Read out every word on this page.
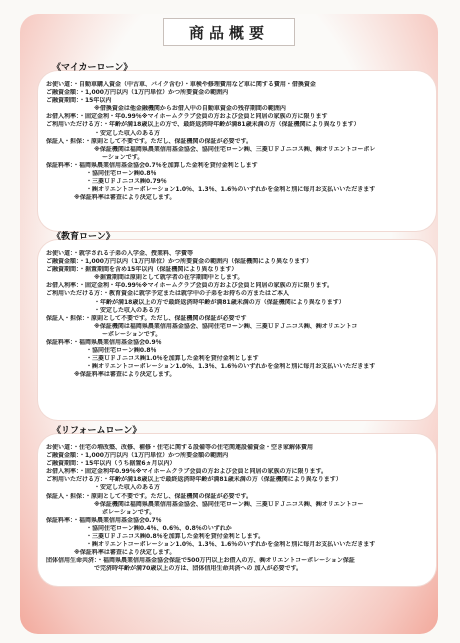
商品概要
《マイカーローン》
お使い道：・自動車購入資金（中古車、バイク含む）・車検や修理費用など車に関する費用・借換資金
ご融資金額：・1,000万円以内（1万円単位）かつ所要資金の範囲内
ご融資期間：・15年以内
※借換資金は他金融機関からお借入中の自動車資金の残存期間の範囲内
お借入利率：・固定金利・年0.99％※マイホームクラブ会員の方および会員と同居の家族の方に限ります
ご利用いただける方：・年齢が満18歳以上の方で、最終返済時年齢が満81歳未満の方（保証機関により異なります）
・安定した収入のある方
保証人・担保：・原則として不要です。ただし、保証機関の保証が必要です。
※保証機関は福岡県農業信用基金協会、協同住宅ローン㈱、三菱ＵＦＪニコス㈱、㈱オリエントコーポレ
ーションです。
保証料率：・福岡県農業信用基金協会0.7％を加算した金利を貸付金利とします
・協同住宅ローン㈱0.8％
・三菱ＵＦＪニコス㈱0.79％
・㈱オリエントコーポレーション1.0％、1.3％、1.6％のいずれかを金利と別に毎月お支払いいただきます
※保証料率は審査により決定します。
《教育ローン》
お使い道：・就学される子弟の入学金、授業料、学費等
ご融資金額：・1,000万円以内（1万円単位）かつ所要資金の範囲内（保証機関により異なります）
ご融資期間：・据置期間を含め15年以内（保証機関により異なります）
※据置期間は原則として就学者の在学期間中とします。
お借入利率：・固定金利・年0.99％※マイホームクラブ会員の方および会員と同居の家族の方に限ります。
ご利用いただける方：・教育資金に就学予定または就学中の子弟をお持ちの方またはご本人
・年齢が満18歳以上の方で最終返済時年齢が満81歳未満の方（保証機関により異なります）
・安定した収入のある方
保証人・担保：・原則として不要です。ただし、保証機関の保証が必要です
※保証機関は福岡県農業信用基金協会、協同住宅ローン㈱、三菱ＵＦＪニコス㈱、㈱オリエントコ
ーポレーションです。
保証料率：・福岡県農業信用基金協会0.9％
・協同住宅ローン㈱0.8％
・三菱ＵＦＪニコス㈱1.0％を加算した金利を貸付金利とします
・㈱オリエントコーポレーション1.0％、1.3％、1.6％のいずれかを金利と別に毎月お支払いいただきます
※保証料率は審査により決定します。
《リフォームローン》
お使い道：・住宅の増改築、改修、補修・住宅に関する設備等の住宅関連設備資金・空き家解体費用
ご融資金額：・1,000万円以内（1万円単位）かつ所要金額の範囲内
ご融資期間：・15年以内（うち据置6ヵ月以内）
お借入利率：・固定金利年0.99％※マイホームクラブ会員の方および会員と同居の家族の方に限ります。
ご利用いただける方：・年齢が満18歳以上で最終返済時年齢が満81歳未満の方（保証機関により異なります）
・安定した収入のある方
保証人・担保：・原則として不要です。ただし、保証機関の保証が必要です。
※保証機関は福岡県農業信用基金協会、協同住宅ローン㈱、三菱ＵＦＪニコス㈱、㈱オリエントコー
ポレーションです。
保証料率：・福岡県農業信用基金協会0.7％
・協同住宅ローン㈱0.4％、0.6％、0.8％のいずれか
・三菱ＵＦＪニコス㈱0.8％を加算した金利を貸付金利とします。
・㈱オリエントコーポレーション1.0％、1.3％、1.6％のいずれかを金利と別に毎月お支払いいただきます
※保証料率は審査により決定します。
団体信用生命共済：・福岡県農業信用基金協会保証で500万円以上お借入の方、㈱オリエントコーポレーション保証
で完済時年齢が満70歳以上の方は、団体信用生命共済への 加入が必要です。
